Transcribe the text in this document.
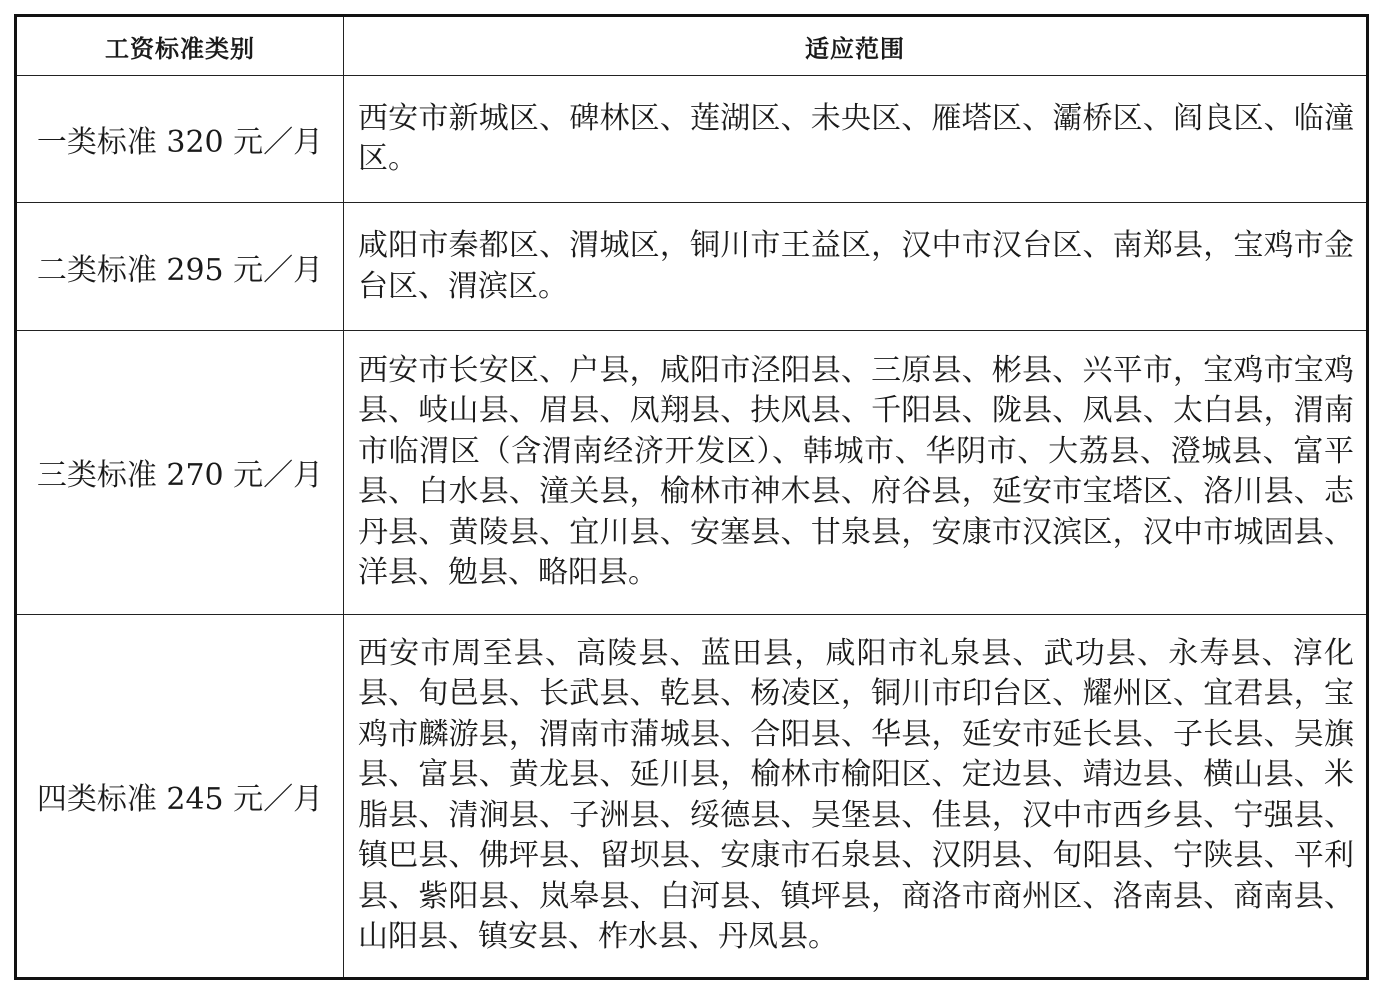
工资标准类别	适应范围
一类标准 320 元／月	西安市新城区、碑林区、莲湖区、未央区、雁塔区、灞桥区、阎良区、临潼区。
二类标准 295 元／月	咸阳市秦都区、渭城区，铜川市王益区，汉中市汉台区、南郑县，宝鸡市金台区、渭滨区。
三类标准 270 元／月	西安市长安区、户县，咸阳市泾阳县、三原县、彬县、兴平市，宝鸡市宝鸡县、岐山县、眉县、凤翔县、扶风县、千阳县、陇县、凤县、太白县，渭南市临渭区（含渭南经济开发区）、韩城市、华阴市、大荔县、澄城县、富平县、白水县、潼关县，榆林市神木县、府谷县，延安市宝塔区、洛川县、志丹县、黄陵县、宜川县、安塞县、甘泉县，安康市汉滨区，汉中市城固县、洋县、勉县、略阳县。
四类标准 245 元／月	西安市周至县、高陵县、蓝田县，咸阳市礼泉县、武功县、永寿县、淳化县、旬邑县、长武县、乾县、杨凌区，铜川市印台区、耀州区、宜君县，宝鸡市麟游县，渭南市蒲城县、合阳县、华县，延安市延长县、子长县、吴旗县、富县、黄龙县、延川县，榆林市榆阳区、定边县、靖边县、横山县、米脂县、清涧县、子洲县、绥德县、吴堡县、佳县，汉中市西乡县、宁强县、镇巴县、佛坪县、留坝县、安康市石泉县、汉阴县、旬阳县、宁陕县、平利县、紫阳县、岚皋县、白河县、镇坪县，商洛市商州区、洛南县、商南县、山阳县、镇安县、柞水县、丹凤县。
